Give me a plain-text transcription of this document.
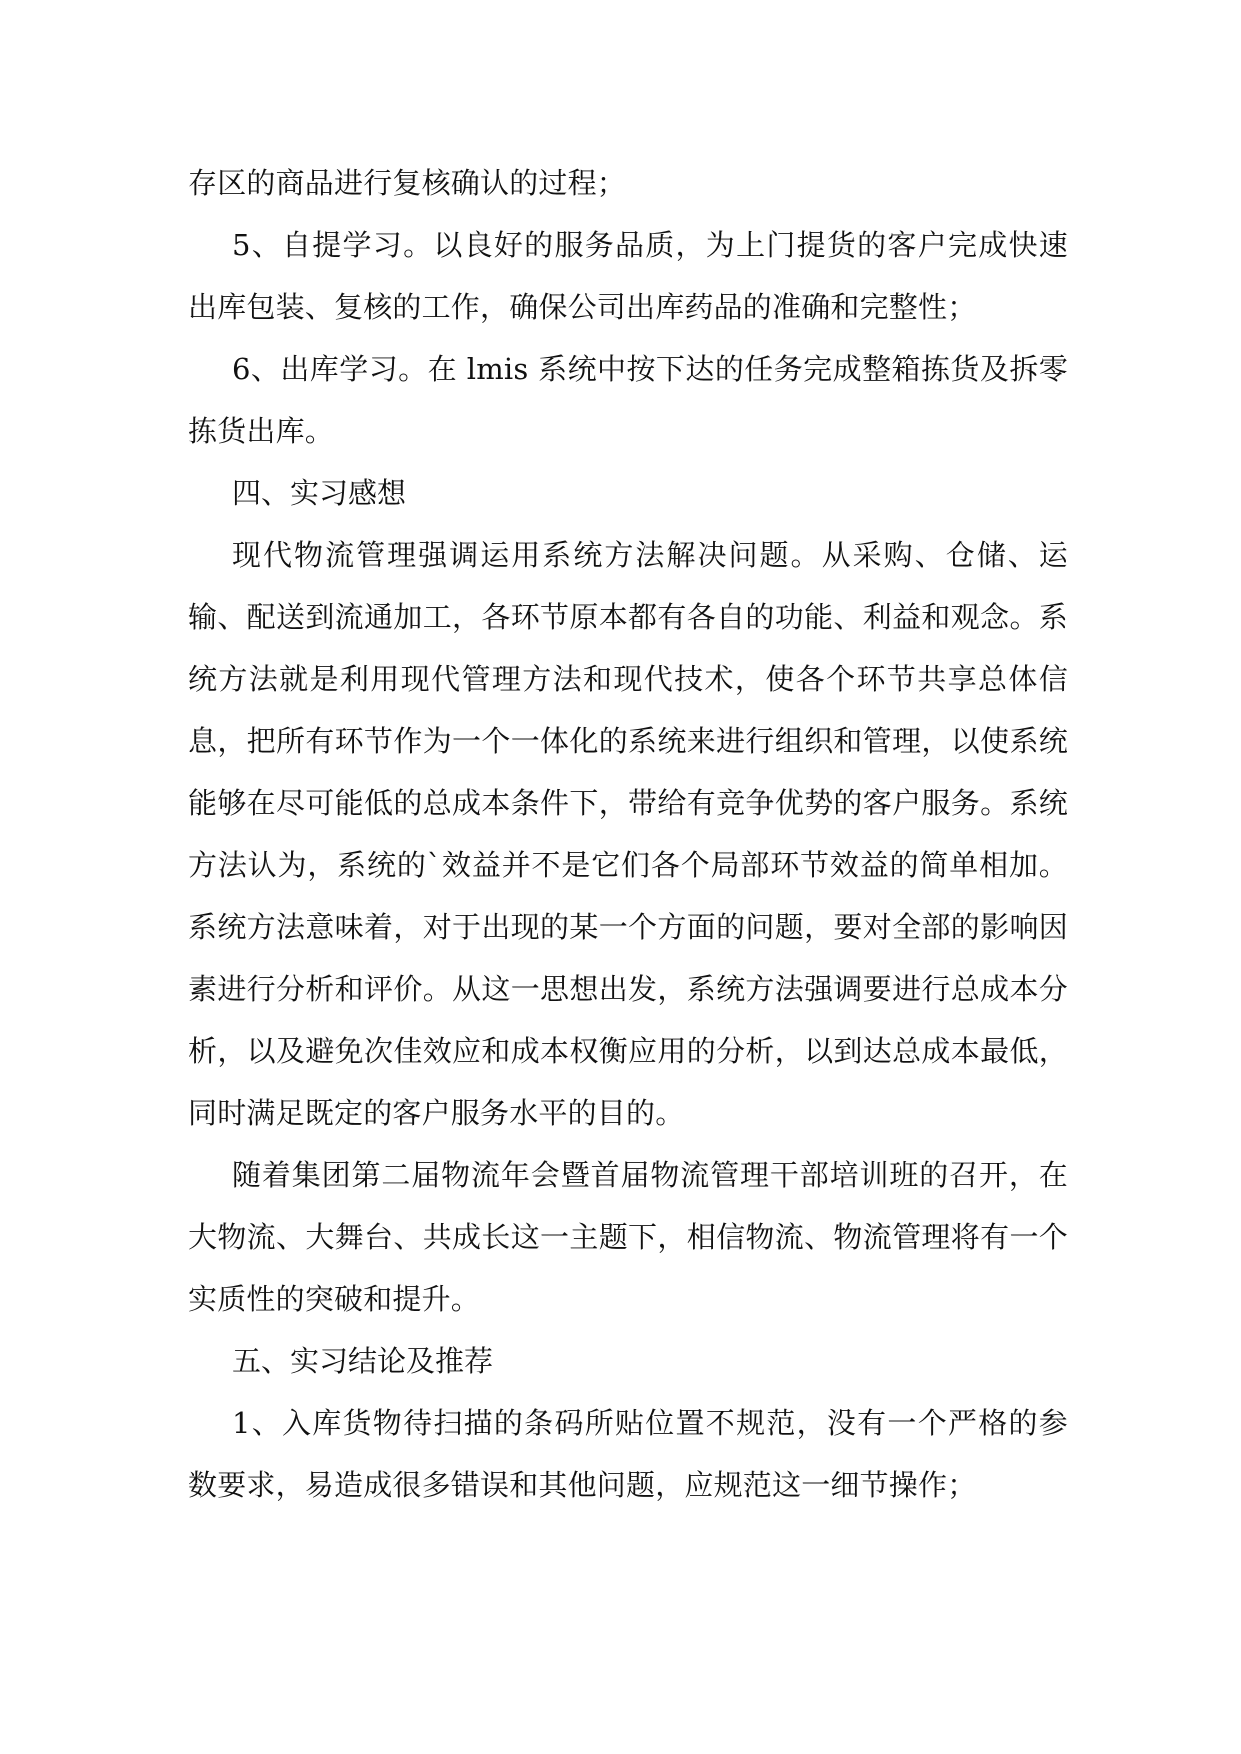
存区的商品进行复核确认的过程；

5、自提学习。以良好的服务品质，为上门提货的客户完成快速出库包装、复核的工作，确保公司出库药品的准确和完整性；

6、出库学习。在 lmis 系统中按下达的任务完成整箱拣货及拆零拣货出库。

四、实习感想

现代物流管理强调运用系统方法解决问题。从采购、仓储、运输、配送到流通加工，各环节原本都有各自的功能、利益和观念。系统方法就是利用现代管理方法和现代技术，使各个环节共享总体信息，把所有环节作为一个一体化的系统来进行组织和管理，以使系统能够在尽可能低的总成本条件下，带给有竞争优势的客户服务。系统方法认为，系统的`效益并不是它们各个局部环节效益的简单相加。系统方法意味着，对于出现的某一个方面的问题，要对全部的影响因素进行分析和评价。从这一思想出发，系统方法强调要进行总成本分析，以及避免次佳效应和成本权衡应用的分析，以到达总成本最低，同时满足既定的客户服务水平的目的。

随着集团第二届物流年会暨首届物流管理干部培训班的召开，在大物流、大舞台、共成长这一主题下，相信物流、物流管理将有一个实质性的突破和提升。

五、实习结论及推荐

1、入库货物待扫描的条码所贴位置不规范，没有一个严格的参数要求，易造成很多错误和其他问题，应规范这一细节操作；
